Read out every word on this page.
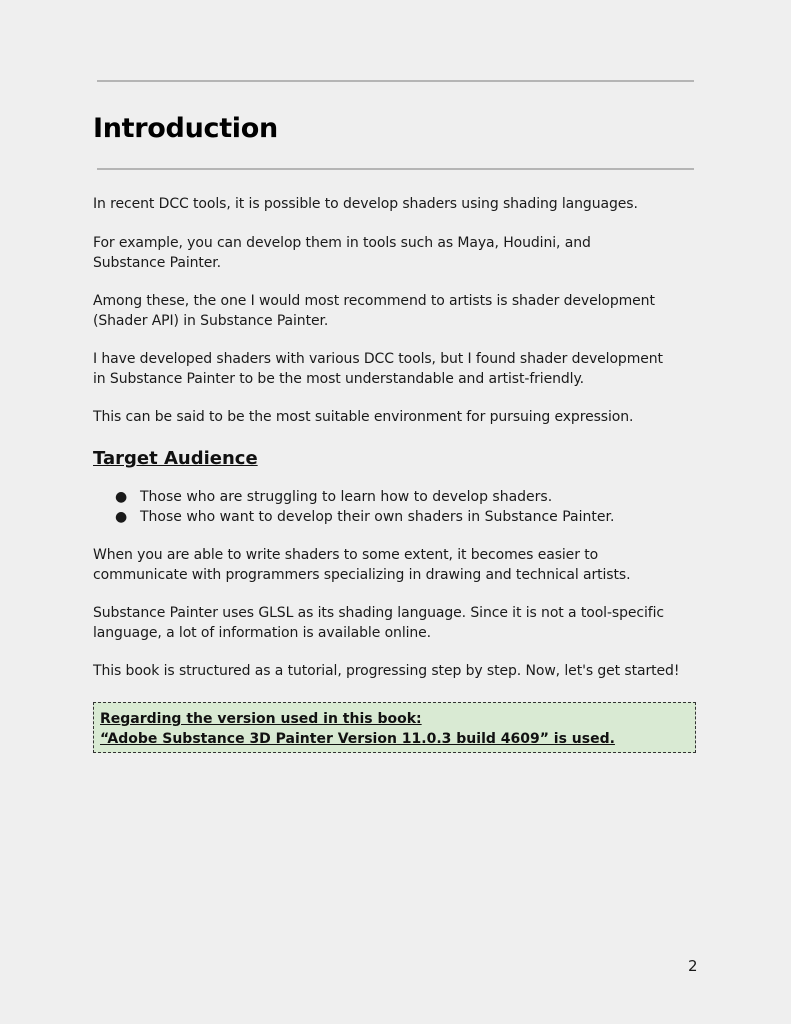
Introduction
In recent DCC tools, it is possible to develop shaders using shading languages.
For example, you can develop them in tools such as Maya, Houdini, and Substance Painter.
Among these, the one I would most recommend to artists is shader development (Shader API) in Substance Painter.
I have developed shaders with various DCC tools, but I found shader development in Substance Painter to be the most understandable and artist-friendly.
This can be said to be the most suitable environment for pursuing expression.
Target Audience
● Those who are struggling to learn how to develop shaders.
● Those who want to develop their own shaders in Substance Painter.
When you are able to write shaders to some extent, it becomes easier to communicate with programmers specializing in drawing and technical artists.
Substance Painter uses GLSL as its shading language. Since it is not a tool-specific language, a lot of information is available online.
This book is structured as a tutorial, progressing step by step. Now, let's get started!
Regarding the version used in this book:
“Adobe Substance 3D Painter Version 11.0.3 build 4609” is used.
2
